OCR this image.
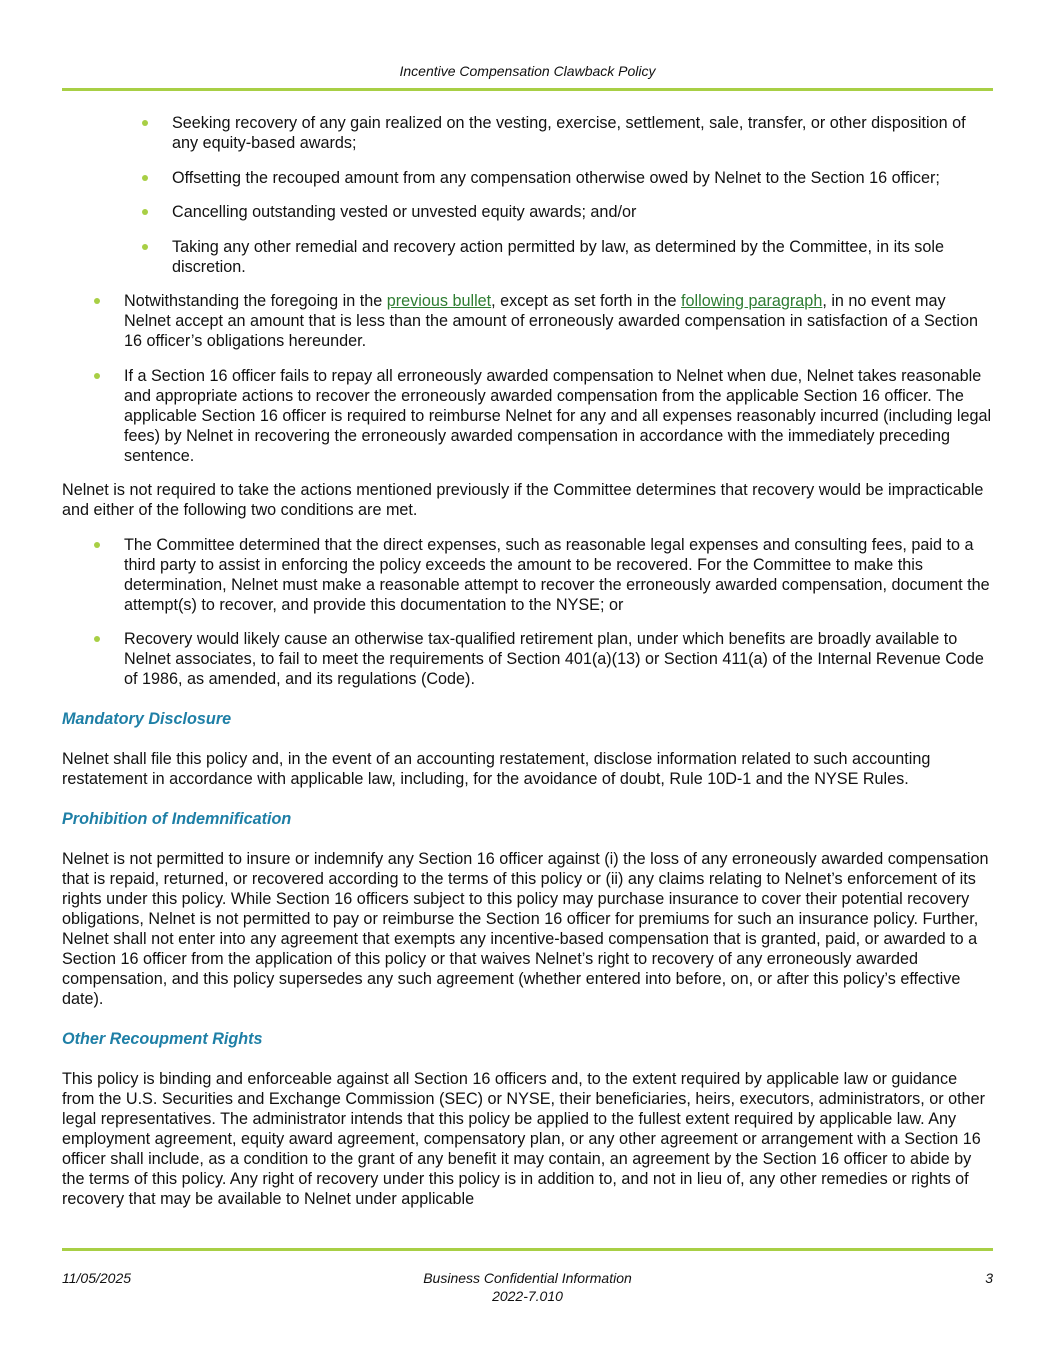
Incentive Compensation Clawback Policy
Seeking recovery of any gain realized on the vesting, exercise, settlement, sale, transfer, or other disposition of any equity-based awards;
Offsetting the recouped amount from any compensation otherwise owed by Nelnet to the Section 16 officer;
Cancelling outstanding vested or unvested equity awards; and/or
Taking any other remedial and recovery action permitted by law, as determined by the Committee, in its sole discretion.
Notwithstanding the foregoing in the previous bullet, except as set forth in the following paragraph, in no event may Nelnet accept an amount that is less than the amount of erroneously awarded compensation in satisfaction of a Section 16 officer’s obligations hereunder.
If a Section 16 officer fails to repay all erroneously awarded compensation to Nelnet when due, Nelnet takes reasonable and appropriate actions to recover the erroneously awarded compensation from the applicable Section 16 officer. The applicable Section 16 officer is required to reimburse Nelnet for any and all expenses reasonably incurred (including legal fees) by Nelnet in recovering the erroneously awarded compensation in accordance with the immediately preceding sentence.

Nelnet is not required to take the actions mentioned previously if the Committee determines that recovery would be impracticable and either of the following two conditions are met.

The Committee determined that the direct expenses, such as reasonable legal expenses and consulting fees, paid to a third party to assist in enforcing the policy exceeds the amount to be recovered. For the Committee to make this determination, Nelnet must make a reasonable attempt to recover the erroneously awarded compensation, document the attempt(s) to recover, and provide this documentation to the NYSE; or
Recovery would likely cause an otherwise tax-qualified retirement plan, under which benefits are broadly available to Nelnet associates, to fail to meet the requirements of Section 401(a)(13) or Section 411(a) of the Internal Revenue Code of 1986, as amended, and its regulations (Code).
Mandatory Disclosure

Nelnet shall file this policy and, in the event of an accounting restatement, disclose information related to such accounting restatement in accordance with applicable law, including, for the avoidance of doubt, Rule 10D-1 and the NYSE Rules.

Prohibition of Indemnification

Nelnet is not permitted to insure or indemnify any Section 16 officer against (i) the loss of any erroneously awarded compensation that is repaid, returned, or recovered according to the terms of this policy or (ii) any claims relating to Nelnet’s enforcement of its rights under this policy. While Section 16 officers subject to this policy may purchase insurance to cover their potential recovery obligations, Nelnet is not permitted to pay or reimburse the Section 16 officer for premiums for such an insurance policy. Further, Nelnet shall not enter into any agreement that exempts any incentive-based compensation that is granted, paid, or awarded to a Section 16 officer from the application of this policy or that waives Nelnet’s right to recovery of any erroneously awarded compensation, and this policy supersedes any such agreement (whether entered into before, on, or after this policy’s effective date).

Other Recoupment Rights

This policy is binding and enforceable against all Section 16 officers and, to the extent required by applicable law or guidance from the U.S. Securities and Exchange Commission (SEC) or NYSE, their beneficiaries, heirs, executors, administrators, or other legal representatives. The administrator intends that this policy be applied to the fullest extent required by applicable law. Any employment agreement, equity award agreement, compensatory plan, or any other agreement or arrangement with a Section 16 officer shall include, as a condition to the grant of any benefit it may contain, an agreement by the Section 16 officer to abide by the terms of this policy. Any right of recovery under this policy is in addition to, and not in lieu of, any other remedies or rights of recovery that may be available to Nelnet under applicable

11/05/2025	Business Confidential Information
2022-7.010
3
